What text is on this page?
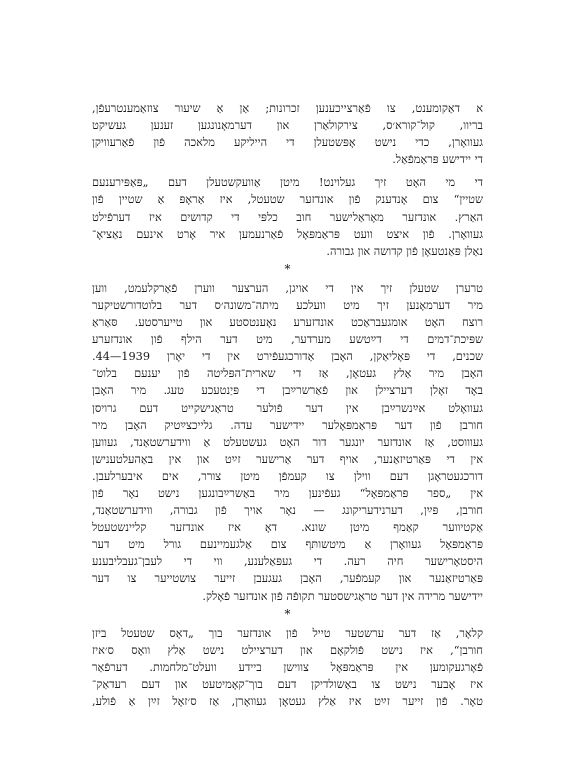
א דאַקומענט, צו פֿאַרצייכענען זכרונות; אַן אַ שיעור צוזאַמענטרעפֿן,
בריוו, קול־קורא׳ס, צירקולאַרן און דערמאָנונגען זענען געשיקט
געוואָרן, כדי נישט אָפּשטעלן די הייליקע מלאכה פֿון פֿאַרעוויקן
די יידישע פּראַמפֿאַל.

די מי האָט זיך געלוינט! מיטן אַוועקשטעלן דעם „פּאַפּירענעם
שטיין“ צום אָנדענק פֿון אונדזער שטעטל, איז אַראָפּ אַ שטיין פֿון
האַרץ. אונדזער מאָראַלישער חוב כלפּי די קדושים איז דערפֿילט
געוואָרן. פֿון איצט וועט פּראַמפּאָל פֿאַרנעמען איר אָרט אינעם נאַציאָ־
נאַלן פּאַנטעאָן פֿון קדושה און גבורה.

*

טרערן שטעלן זיך אין די אויגן, הערצער ווערן פֿאַרקלעמט, ווען
מיר דערמאָנען זיך מיט וועלכע מיתה־משונה׳ס דער בלוטדורשטיקער
רוצח האָט אומגעבראַכט אונדזערע נאָענטסטע און טייערסטע. סּאַראַ
שפּיכת־דמים די דײַטשע מערדער, מיט דער הילף פֿון אונדזערע
שכנים, די פּאָליאַקן, האָבן אַדורכגעפֿירט אין די יאָרן 1939—44.
האָבן מיר אַלץ געטאָן, אַז די שארית־הפּליטה פֿון יענעם בלוט־
באָד זאָלן דערציילן און פֿאַרשרײַבן די פּיַנטעכע טעג. מיר האָבן
געוואָלט אײַנשרײַבן אין דער פֿולער טראַגישקייט דעם גרויסן
חורבן פֿון דער פּראַמפּאָלער יידישער עדה. גלייכצײַטיק האָבן מיר
געוווסט, אַז אונדזער יונגער דור האָט געשטעלט אַ ווידערשטאַנד, געווען
אין די פּאַרטיזאַנער, אויף דער אַרישער זײַט און אין באַהעלטענישן
דורכגעטראָגן דעם ווילן צו קעמפֿן מיטן צורר, אים איבערלעבן.
אין „ספר פּראַמפּאָל“ געפֿינען מיר באַשרײַבונגען נישט נאָר פֿון
חורבן, פּײַן, דערנידעריקונג — נאָר אויך פֿון גבורה, ווידערשטאַנד,
אַקטיווער קאַמף מיטן שונא. דאָ איז אונדזער קליינשטעטל
פּראַמפּאָל געוואָרן אַ מיטשותּף צום אַלגעמיינעם גורל מיט דער
היסטאָרישער חיה רעה. די געפּאַלענע, ווי די לעבן־געבליבענע
פּאַרטיזאַנער און קעמפֿער, האָבן געגעבן זייער צושטייער צו דער
יידישער מרידה אין דער טראַגישסטער תקופֿה פֿון אונדזער פֿאָלק.

*

קלאָר, אַז דער ערשטער טייל פֿון אונדזער בוך „דאָס שטעטל ביזן
חורבן“, איז נישט פֿולקאָם און דערציילט נישט אַלץ וואָס ס׳איז
פֿאָרגעקומען אין פּראַמפּאָל צווישן ביידע וועלט־מלחמות. דערפֿאַר
איז אָבער נישט צו באַשולדיקן דעם בוך־קאָמיטעט און דעם רעדאַק־
טאָר. פֿון זייער זײַט איז אַלץ געטאָן געוואָרן, אַז ס׳זאָל זײַן אַ פֿולע,
